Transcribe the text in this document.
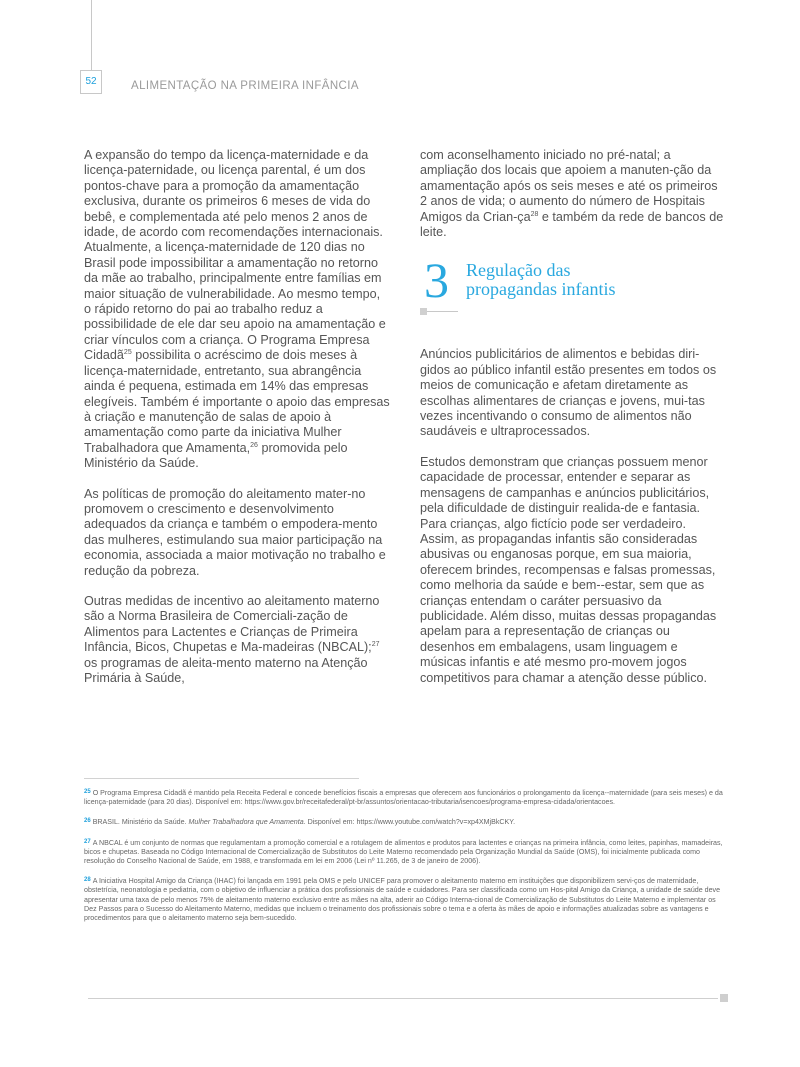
52	ALIMENTAÇÃO NA PRIMEIRA INFÂNCIA

A expansão do tempo da licença-maternidade e da licença-paternidade, ou licença parental, é um dos pontos-chave para a promoção da amamentação exclusiva, durante os primeiros 6 meses de vida do bebê, e complementada até pelo menos 2 anos de idade, de acordo com recomendações internacionais. Atualmente, a licença-maternidade de 120 dias no Brasil pode impossibilitar a amamentação no retorno da mãe ao trabalho, principalmente entre famílias em maior situação de vulnerabilidade. Ao mesmo tempo, o rápido retorno do pai ao trabalho reduz a possibilidade de ele dar seu apoio na amamentação e criar vínculos com a criança. O Programa Empresa Cidadã$^{25}$ possibilita o acréscimo de dois meses à licença-maternidade, entretanto, sua abrangência ainda é pequena, estimada em 14% das empresas elegíveis. Também é importante o apoio das empresas à criação e manutenção de salas de apoio à amamentação como parte da iniciativa Mulher Trabalhadora que Amamenta,$^{26}$ promovida pelo Ministério da Saúde.

As políticas de promoção do aleitamento mater-no promovem o crescimento e desenvolvimento adequados da criança e também o empodera-mento das mulheres, estimulando sua maior participação na economia, associada a maior motivação no trabalho e redução da pobreza.

Outras medidas de incentivo ao aleitamento materno são a Norma Brasileira de Comerciali-zação de Alimentos para Lactentes e Crianças de Primeira Infância, Bicos, Chupetas e Ma-madeiras (NBCAL);$^{27}$ os programas de aleita-mento materno na Atenção Primária à Saúde,

com aconselhamento iniciado no pré-natal; a ampliação dos locais que apoiem a manuten-ção da amamentação após os seis meses e até os primeiros 2 anos de vida; o aumento do número de Hospitais Amigos da Crian-$ça^{28}$ e também da rede de bancos de leite.

3 Regulação das
propagandas infantis

Anúncios publicitários de alimentos e bebidas diri-gidos ao público infantil estão presentes em todos os meios de comunicação e afetam diretamente as escolhas alimentares de crianças e jovens, mui-tas vezes incentivando o consumo de alimentos não saudáveis e ultraprocessados.

Estudos demonstram que crianças possuem menor capacidade de processar, entender e separar as mensagens de campanhas e anúncios publicitários, pela dificuldade de distinguir realida-de e fantasia. Para crianças, algo fictício pode ser verdadeiro. Assim, as propagandas infantis são consideradas abusivas ou enganosas porque, em sua maioria, oferecem brindes, recompensas e falsas promessas, como melhoria da saúde e bem--estar, sem que as crianças entendam o caráter persuasivo da publicidade. Além disso, muitas dessas propagandas apelam para a representação de crianças ou desenhos em embalagens, usam linguagem e músicas infantis e até mesmo pro-movem jogos competitivos para chamar a atenção desse público.

$^{25}$ O Programa Empresa Cidadã é mantido pela Receita Federal e concede benefícios fiscais a empresas que oferecem aos funcionários o prolongamento da licença--maternidade (para seis meses) e da licença-paternidade (para 20 dias). Disponível em: https://www.gov.br/receitafederal/pt-br/assuntos/orientacao-tributaria/isencoes/programa-empresa-cidada/orientacoes.

$^{26}$ BRASIL. Ministério da Saúde. Mulher Trabalhadora que Amamenta. Disponível em: https://www.youtube.com/watch?v=xp4XMjBkCKY.

$^{27}$ A NBCAL é um conjunto de normas que regulamentam a promoção comercial e a rotulagem de alimentos e produtos para lactentes e crianças na primeira infância, como leites, papinhas, mamadeiras, bicos e chupetas. Baseada no Código Internacional de Comercialização de Substitutos do Leite Materno recomendado pela Organização Mundial da Saúde (OMS), foi inicialmente publicada como resolução do Conselho Nacional de Saúde, em 1988, e transformada em lei em 2006 (Lei nº 11.265, de 3 de janeiro de 2006).

$^{28}$ A Iniciativa Hospital Amigo da Criança (IHAC) foi lançada em 1991 pela OMS e pelo UNICEF para promover o aleitamento materno em instituições que disponibilizem servi-ços de maternidade, obstetrícia, neonatologia e pediatria, com o objetivo de influenciar a prática dos profissionais de saúde e cuidadores. Para ser classificada como um Hos-pital Amigo da Criança, a unidade de saúde deve apresentar uma taxa de pelo menos 75% de aleitamento materno exclusivo entre as mães na alta, aderir ao Código Interna-cional de Comercialização de Substitutos do Leite Materno e implementar os Dez Passos para o Sucesso do Aleitamento Materno, medidas que incluem o treinamento dos profissionais sobre o tema e a oferta às mães de apoio e informações atualizadas sobre as vantagens e procedimentos para que o aleitamento materno seja bem-sucedido.
